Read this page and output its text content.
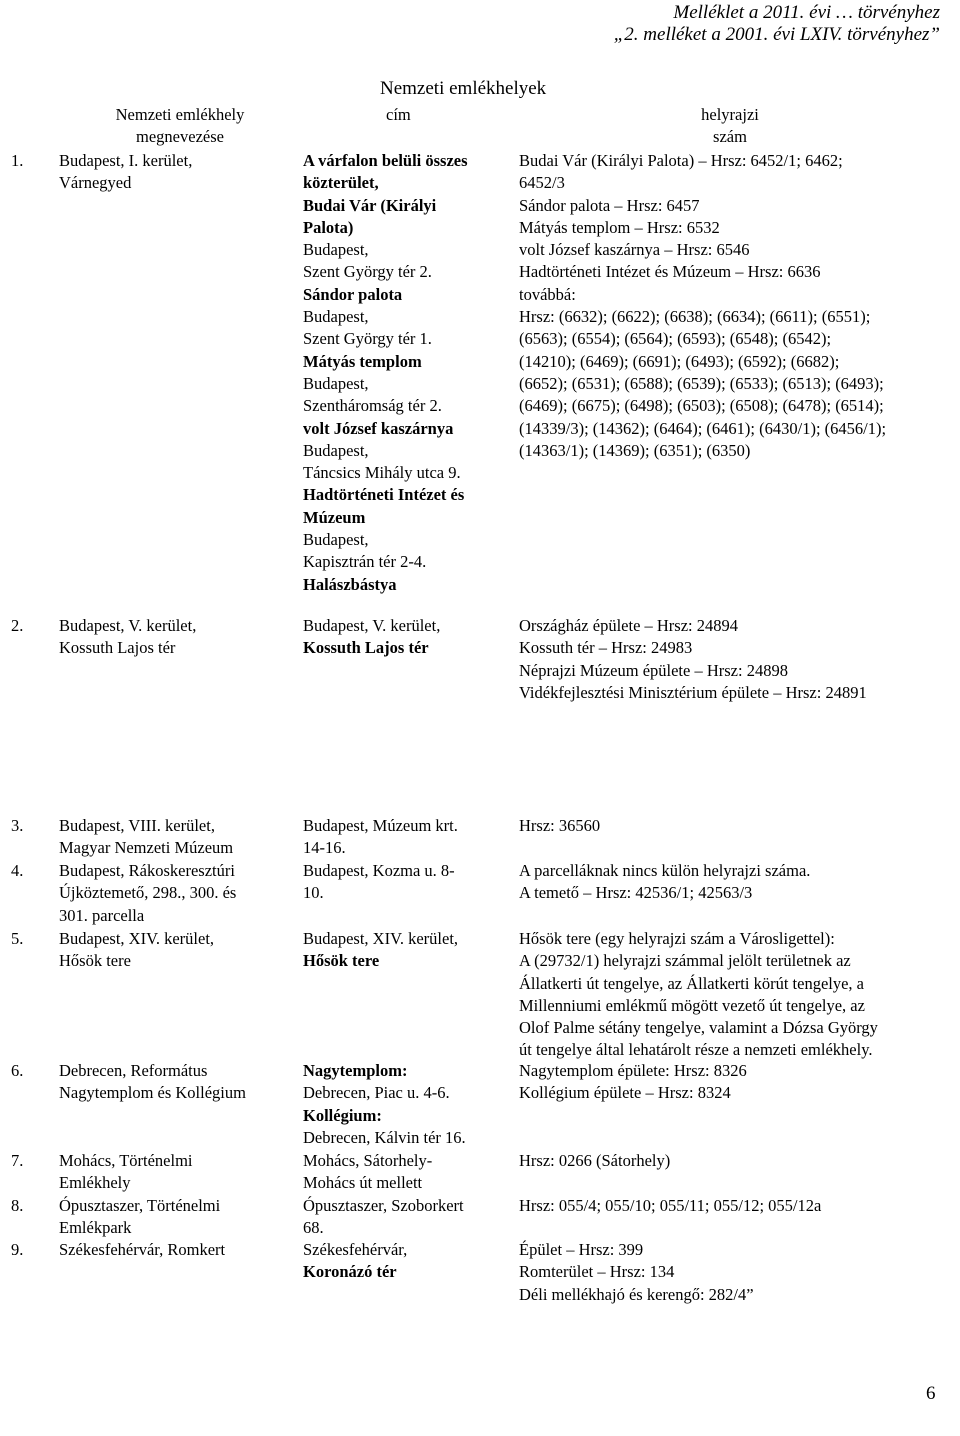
Melléklet a 2011. évi … törvényhez
„2. melléket a 2001. évi LXIV. törvényhez”
Nemzeti emlékhelyek
Nemzeti emlékhely
megnevezése
cím	helyrajzi
szám
1. Budapest, I. kerület,
Várnegyed
A várfalon belüli összes
közterület,
Budai Vár (Királyi
Palota)
Budapest,
Szent György tér 2.
Sándor palota
Budapest,
Szent György tér 1.
Mátyás templom
Budapest,
Szentháromság tér 2.
volt József kaszárnya
Budapest,
Táncsics Mihály utca 9.
Hadtörténeti Intézet és
Múzeum
Budapest,
Kapisztrán tér 2-4.
Halászbástya
Budai Vár (Királyi Palota) – Hrsz: 6452/1; 6462;
6452/3
Sándor palota – Hrsz: 6457
Mátyás templom – Hrsz: 6532
volt József kaszárnya – Hrsz: 6546
Hadtörténeti Intézet és Múzeum – Hrsz: 6636
továbbá:
Hrsz: (6632); (6622); (6638); (6634); (6611); (6551);
(6563); (6554); (6564); (6593); (6548); (6542);
(14210); (6469); (6691); (6493); (6592); (6682);
(6652); (6531); (6588); (6539); (6533); (6513); (6493);
(6469); (6675); (6498); (6503); (6508); (6478); (6514);
(14339/3); (14362); (6464); (6461); (6430/1); (6456/1);
(14363/1); (14369); (6351); (6350)
2. Budapest, V. kerület,
Kossuth Lajos tér
Budapest, V. kerület,
Kossuth Lajos tér
Országház épülete – Hrsz: 24894
Kossuth tér – Hrsz: 24983
Néprajzi Múzeum épülete – Hrsz: 24898
Vidékfejlesztési Minisztérium épülete – Hrsz: 24891
3. Budapest, VIII. kerület,
Magyar Nemzeti Múzeum
Budapest, Múzeum krt.
14-16.
Hrsz: 36560
4. Budapest, Rákoskeresztúri
Újköztemető, 298., 300. és
301. parcella
Budapest, Kozma u. 8-
10.
A parcelláknak nincs külön helyrajzi száma.
A temető – Hrsz: 42536/1; 42563/3
5. Budapest, XIV. kerület,
Hősök tere
Budapest, XIV. kerület,
Hősök tere
Hősök tere (egy helyrajzi szám a Városligettel):
A (29732/1) helyrajzi számmal jelölt területnek az
Állatkerti út tengelye, az Állatkerti körút tengelye, a
Millenniumi emlékmű mögött vezető út tengelye, az
Olof Palme sétány tengelye, valamint a Dózsa György
út tengelye által lehatárolt része a nemzeti emlékhely.
6. Debrecen, Református
Nagytemplom és Kollégium
Nagytemplom:
Debrecen, Piac u. 4-6.
Kollégium:
Debrecen, Kálvin tér 16.
Nagytemplom épülete: Hrsz: 8326
Kollégium épülete – Hrsz: 8324
7. Mohács, Történelmi
Emlékhely
Mohács, Sátorhely-
Mohács út mellett
Hrsz: 0266 (Sátorhely)
8. Ópusztaszer, Történelmi
Emlékpark
Ópusztaszer, Szoborkert
68.
Hrsz: 055/4; 055/10; 055/11; 055/12; 055/12a
9. Székesfehérvár, Romkert	Székesfehérvár,
Koronázó tér
Épület – Hrsz: 399
Romterület – Hrsz: 134
Déli mellékhajó és kerengő: 282/4”
6
